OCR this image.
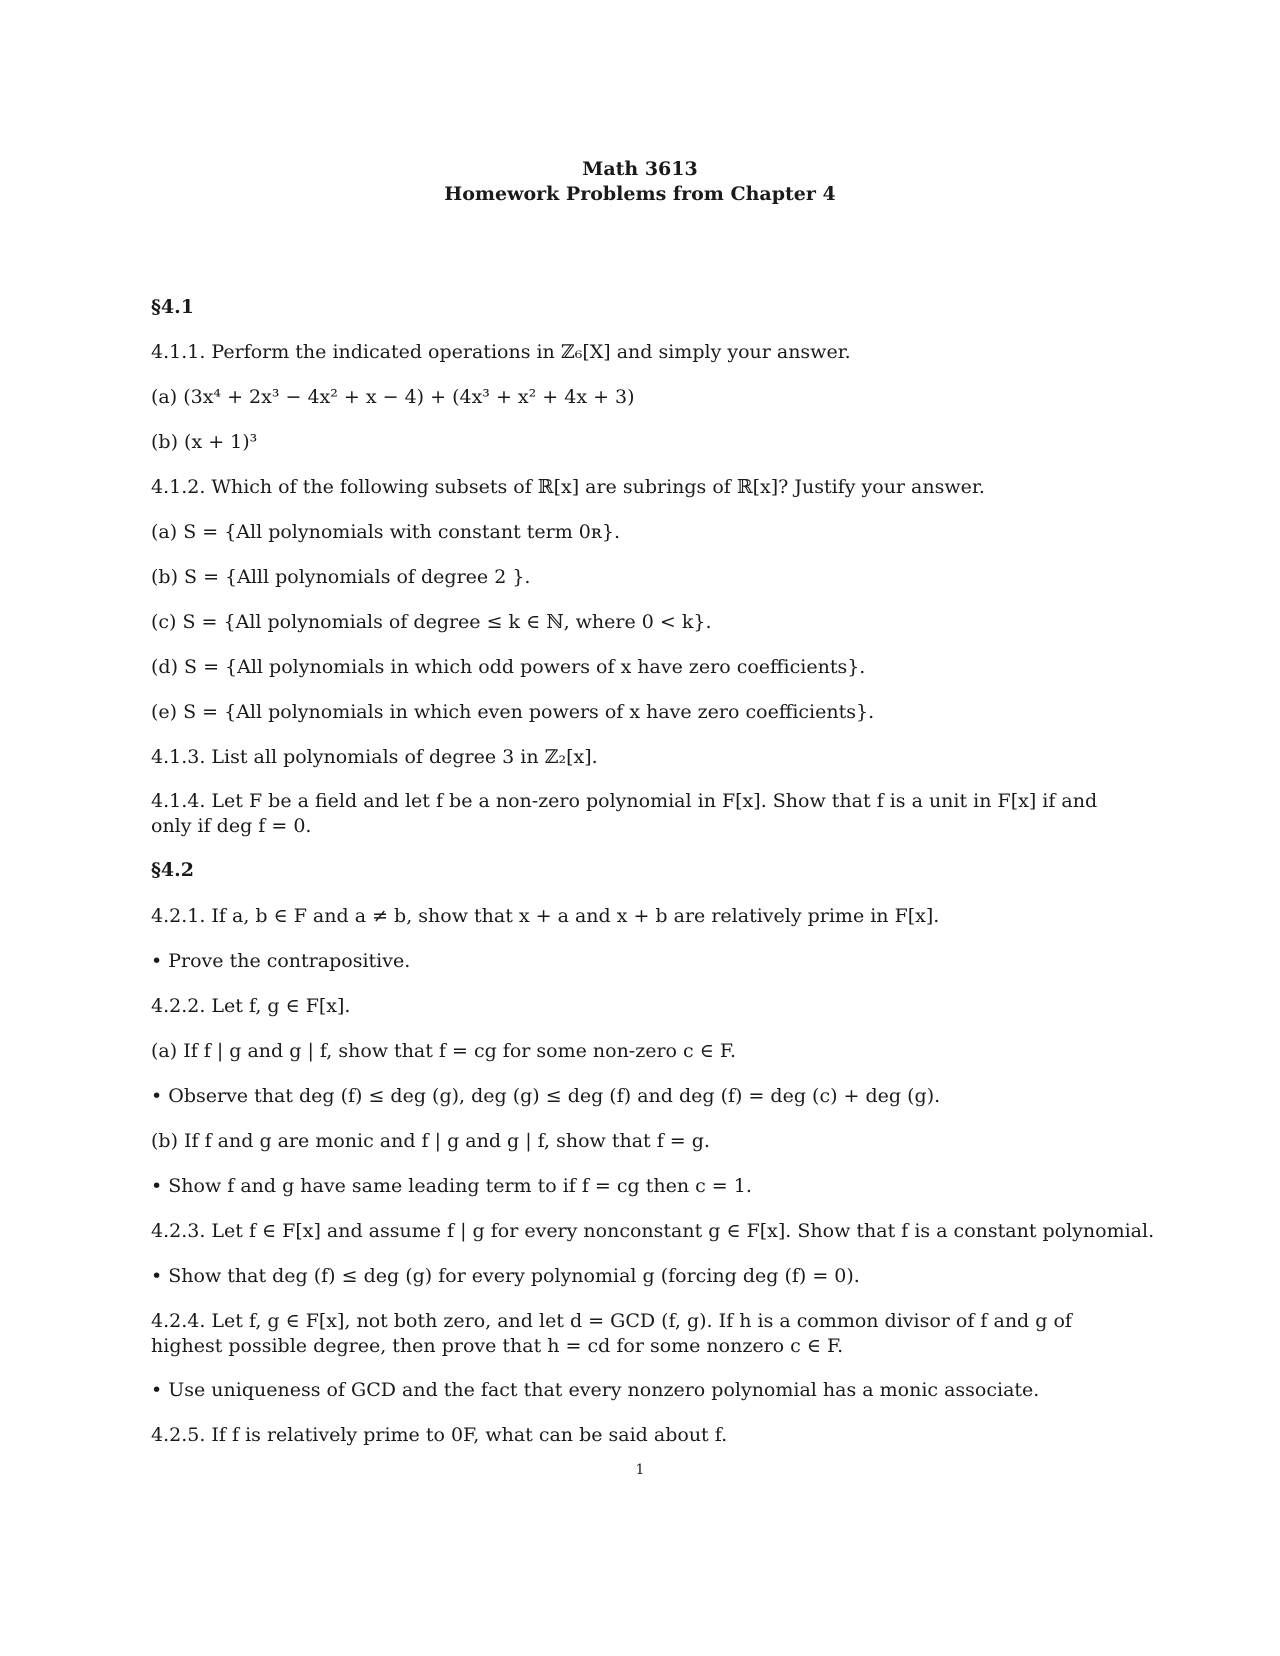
Math 3613
Homework Problems from Chapter 4
§4.1
4.1.1. Perform the indicated operations in ℤ₆[X] and simply your answer.
(a) (3x⁴ + 2x³ − 4x² + x − 4) + (4x³ + x² + 4x + 3)
(b) (x + 1)³
4.1.2. Which of the following subsets of ℝ[x] are subrings of ℝ[x]? Justify your answer.
(a) S = {All polynomials with constant term 0ʀ}.
(b) S = {Alll polynomials of degree 2 }.
(c) S = {All polynomials of degree ≤ k ∈ ℕ, where 0 < k}.
(d) S = {All polynomials in which odd powers of x have zero coefficients}.
(e) S = {All polynomials in which even powers of x have zero coefficients}.
4.1.3. List all polynomials of degree 3 in ℤ₂[x].
4.1.4. Let F be a field and let f be a non-zero polynomial in F[x]. Show that f is a unit in F[x] if and only if deg f = 0.
§4.2
4.2.1. If a, b ∈ F and a ≠ b, show that x + a and x + b are relatively prime in F[x].
• Prove the contrapositive.
4.2.2. Let f, g ∈ F[x].
(a) If f | g and g | f, show that f = cg for some non-zero c ∈ F.
• Observe that deg (f) ≤ deg (g), deg (g) ≤ deg (f) and deg (f) = deg (c) + deg (g).
(b) If f and g are monic and f | g and g | f, show that f = g.
• Show f and g have same leading term to if f = cg then c = 1.
4.2.3. Let f ∈ F[x] and assume f | g for every nonconstant g ∈ F[x]. Show that f is a constant polynomial.
• Show that deg (f) ≤ deg (g) for every polynomial g (forcing deg (f) = 0).
4.2.4. Let f, g ∈ F[x], not both zero, and let d = GCD (f, g). If h is a common divisor of f and g of highest possible degree, then prove that h = cd for some nonzero c ∈ F.
• Use uniqueness of GCD and the fact that every nonzero polynomial has a monic associate.
4.2.5. If f is relatively prime to 0F, what can be said about f.
1
